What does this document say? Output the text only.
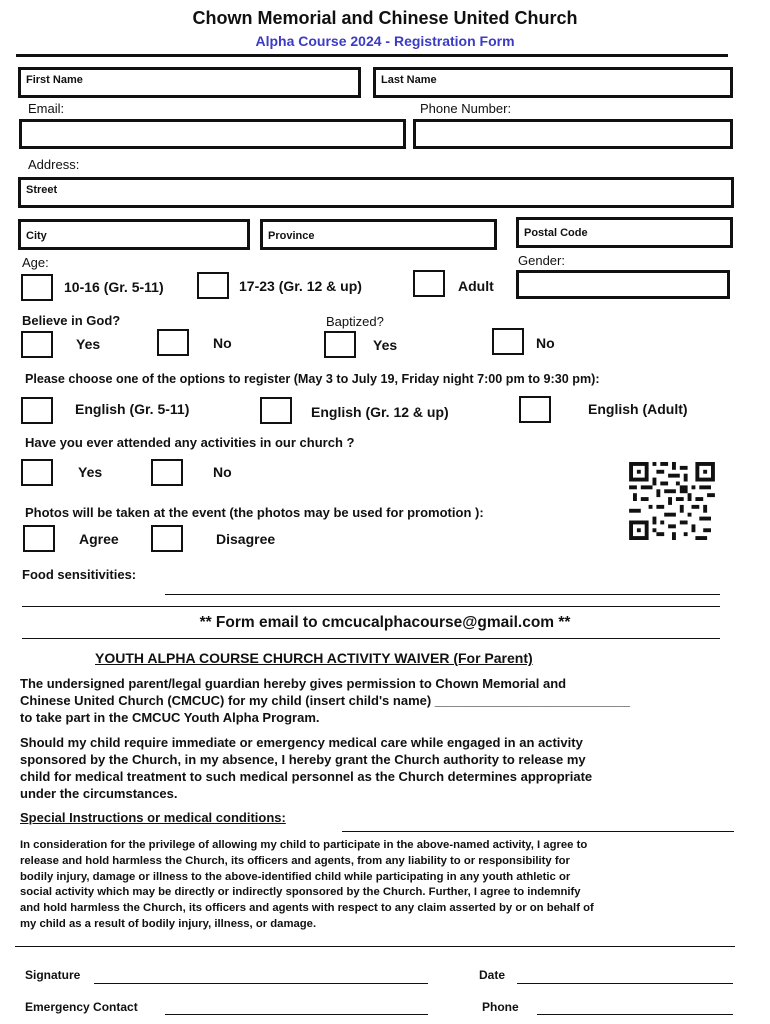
Chown Memorial and Chinese United Church
Alpha Course 2024 - Registration Form
First Name	Last Name
Email:	Phone Number:
Address:
Street
City	Province	Postal Code
Age:	Gender:
10-16 (Gr. 5-11)	17-23 (Gr. 12 & up)	Adult
Believe in God?	Baptized?
Yes	No	Yes	No
Please choose one of the options to register (May 3 to July 19, Friday night 7:00 pm to 9:30 pm):
English (Gr. 5-11)	English (Gr. 12 & up)	English (Adult)
Have you ever attended any activities in our church ?
Yes	No
Photos will be taken at the event (the photos may be used for promotion ):
Agree	Disagree
Food sensitivities:
** Form email to cmcucalphacourse@gmail.com **
YOUTH ALPHA COURSE CHURCH ACTIVITY WAIVER (For Parent)
The undersigned parent/legal guardian hereby gives permission to Chown Memorial and
Chinese United Church (CMCUC) for my child (insert child's name) ___________________________
to take part in the CMCUC Youth Alpha Program.
Should my child require immediate or emergency medical care while engaged in an activity
sponsored by the Church, in my absence, I hereby grant the Church authority to release my
child for medical treatment to such medical personnel as the Church determines appropriate
under the circumstances.
Special Instructions or medical conditions:
In consideration for the privilege of allowing my child to participate in the above-named activity, I agree to
release and hold harmless the Church, its officers and agents, from any liability to or responsibility for
bodily injury, damage or illness to the above-identified child while participating in any youth athletic or
social activity which may be directly or indirectly sponsored by the Church. Further, I agree to indemnify
and hold harmless the Church, its officers and agents with respect to any claim asserted by or on behalf of
my child as a result of bodily injury, illness, or damage.
Signature	Date
Emergency Contact	Phone
